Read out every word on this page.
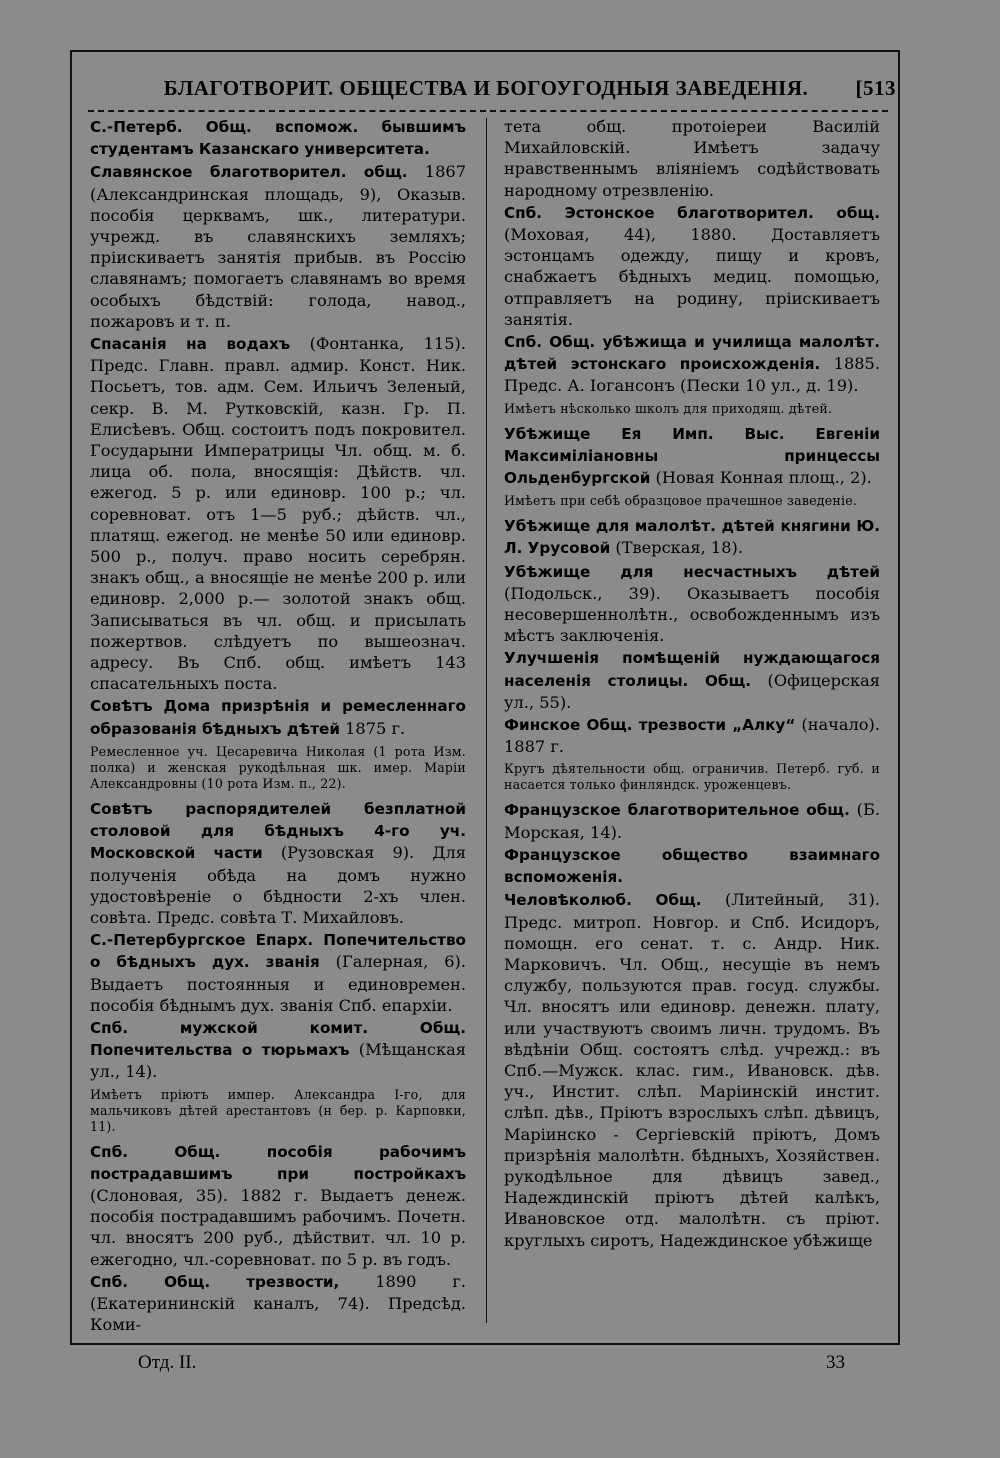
БЛАГОТВОРИТ. ОБЩЕСТВА И БОГОУГОДНЫЯ ЗАВЕДЕНІЯ.	[513
С.-Петерб. Общ. вспомож. бывшимъ студентамъ Казанскаго университета.
Славянское благотворител. общ. 1867 (Александринская площадь, 9), Оказыв. пособія церквамъ, шк., литератури. учрежд. въ славянскихъ земляхъ; пріискиваетъ занятія прибыв. въ Россію славянамъ; помогаетъ славянамъ во время особыхъ бѣдствій: голода, навод., пожаровъ и т. п.
Спасанія на водахъ (Фонтанка, 115). Предс. Главн. правл. адмир. Конст. Ник. Посьетъ, тов. адм. Сем. Ильичъ Зеленый, секр. В. М. Рутковскій, казн. Гр. П. Елисѣевъ. Общ. состоитъ подъ покровител. Государыни Императрицы Чл. общ. м. б. лица об. пола, вносящія: Дѣйств. чл. ежегод. 5 р. или единовр. 100 р.; чл. соревноват. отъ 1—5 руб.; дѣйств. чл., платящ. ежегод. не менѣе 50 или единовр. 500 р., получ. право носить серебрян. знакъ общ., а вносящіе не менѣе 200 р. или единовр. 2,000 р.— золотой знакъ общ. Записываться въ чл. общ. и присылать пожертвов. слѣдуетъ по вышеознач. адресу. Въ Спб. общ. имѣетъ 143 спасательныхъ поста.
Совѣтъ Дома призрѣнія и ремесленнаго образованія бѣдныхъ дѣтей 1875 г.
Ремесленное уч. Цесаревича Николая (1 рота Изм. полка) и женская рукодѣльная шк. имер. Маріи Александровны (10 рота Изм. п., 22).
Совѣтъ распорядителей безплатной столовой для бѣдныхъ 4-го уч. Московской части (Рузовская 9). Для полученія обѣда на домъ нужно удостовѣреніе о бѣдности 2-хъ член. совѣта. Предс. совѣта Т. Михайловъ.
С.-Петербургское Епарх. Попечительство о бѣдныхъ дух. званія (Галерная, 6). Выдаетъ постоянныя и единовремен. пособія бѣднымъ дух. званія Спб. епархіи.
Спб. мужской комит. Общ. Попечительства о тюрьмахъ (Мѣщанская ул., 14).
Имѣетъ пріютъ импер. Александра I-го, для мальчиковъ дѣтей арестантовъ (н бер. р. Карповки, 11).
Спб. Общ. пособія рабочимъ пострадавшимъ при постройкахъ (Слоновая, 35). 1882 г. Выдаетъ денеж. пособія пострадавшимъ рабочимъ. Почетн. чл. вносятъ 200 руб., дѣйствит. чл. 10 р. ежегодно, чл.-соревноват. по 5 р. въ годъ.
Спб. Общ. трезвости, 1890 г. (Екатерининскій каналъ, 74). Предсѣд. Коми-
тета общ. протоіереи Василій Михайловскій. Имѣетъ задачу нравственнымъ вліяніемъ содѣйствовать народному отрезвленію.
Спб. Эстонское благотворител. общ. (Моховая, 44), 1880. Доставляетъ эстонцамъ одежду, пищу и кровъ, снабжаетъ бѣдныхъ медиц. помощью, отправляетъ на родину, пріискиваетъ занятія.
Спб. Общ. убѣжища и училища малолѣт. дѣтей эстонскаго происхожденія. 1885. Предс. А. Іогансонъ (Пески 10 ул., д. 19).
Имѣетъ нѣсколько школъ для приходящ. дѣтей.
Убѣжище Ея Имп. Выс. Евгеніи Максиміліановны принцессы Ольденбургской (Новая Конная площ., 2).
Имѣетъ при себѣ образцовое прачешное заведеніе.
Убѣжище для малолѣт. дѣтей княгини Ю. Л. Урусовой (Тверская, 18).
Убѣжище для несчастныхъ дѣтей (Подольск., 39). Оказываетъ пособія несовершеннолѣтн., освобожденнымъ изъ мѣстъ заключенія.
Улучшенія помѣщеній нуждающагося населенія столицы. Общ. (Офицерская ул., 55).
Финское Общ. трезвости „Алку“ (начало). 1887 г.
Кругъ дѣятельности общ. ограничив. Петерб. губ. и насается только финляндск. уроженцевъ.
Французское благотворительное общ. (Б. Морская, 14).
Французское общество взаимнаго вспоможенія.
Человѣколюб. Общ. (Литейный, 31). Предс. митроп. Новгор. и Спб. Исидоръ, помощн. его сенат. т. с. Андр. Ник. Марковичъ. Чл. Общ., несущіе въ немъ службу, пользуются прав. госуд. службы. Чл. вносятъ или единовр. денежн. плату, или участвуютъ своимъ личн. трудомъ. Въ вѣдѣніи Общ. состоятъ слѣд. учрежд.: въ Спб.—Мужск. клас. гим., Ивановск. дѣв. уч., Инстит. слѣп. Маріинскій инстит. слѣп. дѣв., Пріютъ взрослыхъ слѣп. дѣвицъ, Маріинско - Сергіевскій пріютъ, Домъ призрѣнія малолѣтн. бѣдныхъ, Хозяйствен. рукодѣльное для дѣвицъ завед., Надеждинскій пріютъ дѣтей калѣкъ, Ивановское отд. малолѣтн. съ пріют. круглыхъ сиротъ, Надеждинское убѣжище
Отд. II.	33
